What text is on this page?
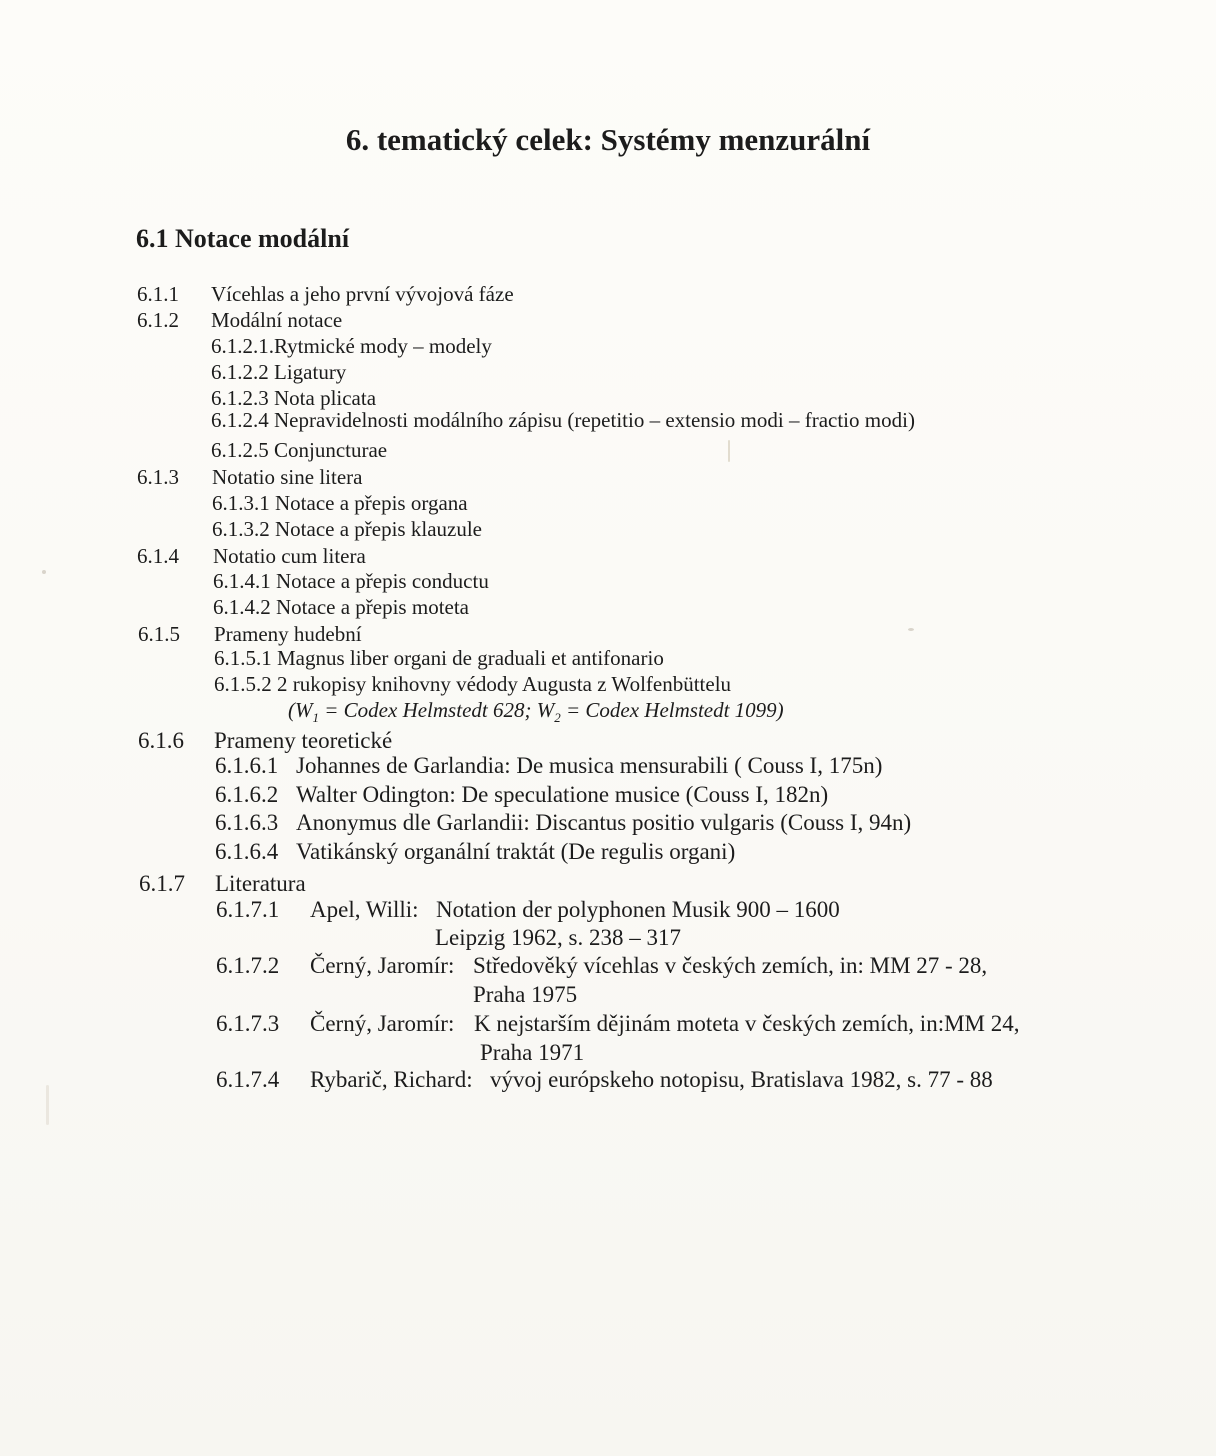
6. tematický celek: Systémy menzurální
6.1 Notace modální
6.1.1 Vícehlas a jeho první vývojová fáze
6.1.2 Modální notace
6.1.2.1.Rytmické mody – modely
6.1.2.2 Ligatury
6.1.2.3 Nota plicata
6.1.2.4 Nepravidelnosti modálního zápisu (repetitio – extensio modi – fractio modi)
6.1.2.5 Conjuncturae
6.1.3 Notatio sine litera
6.1.3.1 Notace a přepis organa
6.1.3.2 Notace a přepis klauzule
6.1.4 Notatio cum litera
6.1.4.1 Notace a přepis conductu
6.1.4.2 Notace a přepis moteta
6.1.5 Prameny hudební
6.1.5.1 Magnus liber organi de graduali et antifonario
6.1.5.2 2 rukopisy knihovny védody Augusta z Wolfenbüttelu
($W_1$ = Codex Helmstedt 628; $W_2$ = Codex Helmstedt 1099)
6.1.6 Prameny teoretické
6.1.6.1 Johannes de Garlandia: De musica mensurabili ( Couss I, 175n)
6.1.6.2 Walter Odington: De speculatione musice (Couss I, 182n)
6.1.6.3 Anonymus dle Garlandii: Discantus positio vulgaris (Couss I, 94n)
6.1.6.4 Vatikánský organální traktát (De regulis organi)
6.1.7 Literatura
6.1.7.1 Apel, Willi: Notation der polyphonen Musik 900 – 1600
Leipzig 1962, s. 238 – 317
6.1.7.2 Černý, Jaromír: Středověký vícehlas v českých zemích, in: MM 27 - 28,
Praha 1975
6.1.7.3 Černý, Jaromír: K nejstarším dějinám moteta v českých zemích, in:MM 24,
Praha 1971
6.1.7.4 Rybarič, Richard: vývoj európskeho notopisu, Bratislava 1982, s. 77 - 88
